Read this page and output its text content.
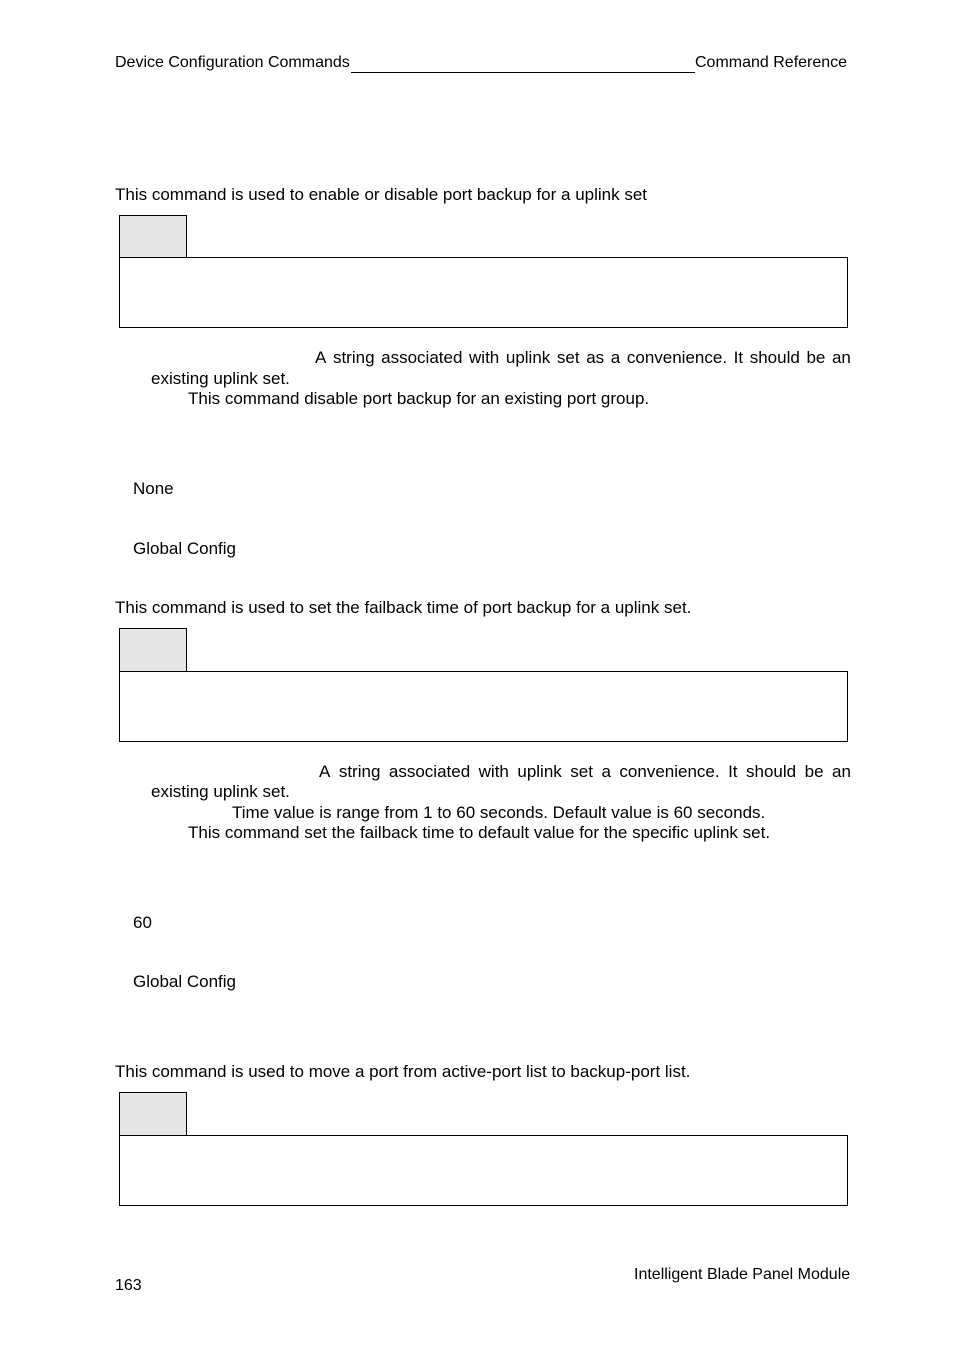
Device Configuration Commands	Command Reference
This command is used to enable or disable port backup for a uplink set
A string associated with uplink set as a convenience. It should be an
existing uplink set.
This command disable port backup for an existing port group.
None
Global Config
This command is used to set the failback time of port backup for a uplink set.
A string associated with uplink set a convenience. It should be an
existing uplink set.
Time value is range from 1 to 60 seconds. Default value is 60 seconds.
This command set the failback time to default value for the specific uplink set.
60
Global Config
This command is used to move a port from active-port list to backup-port list.
163
Intelligent Blade Panel Module
